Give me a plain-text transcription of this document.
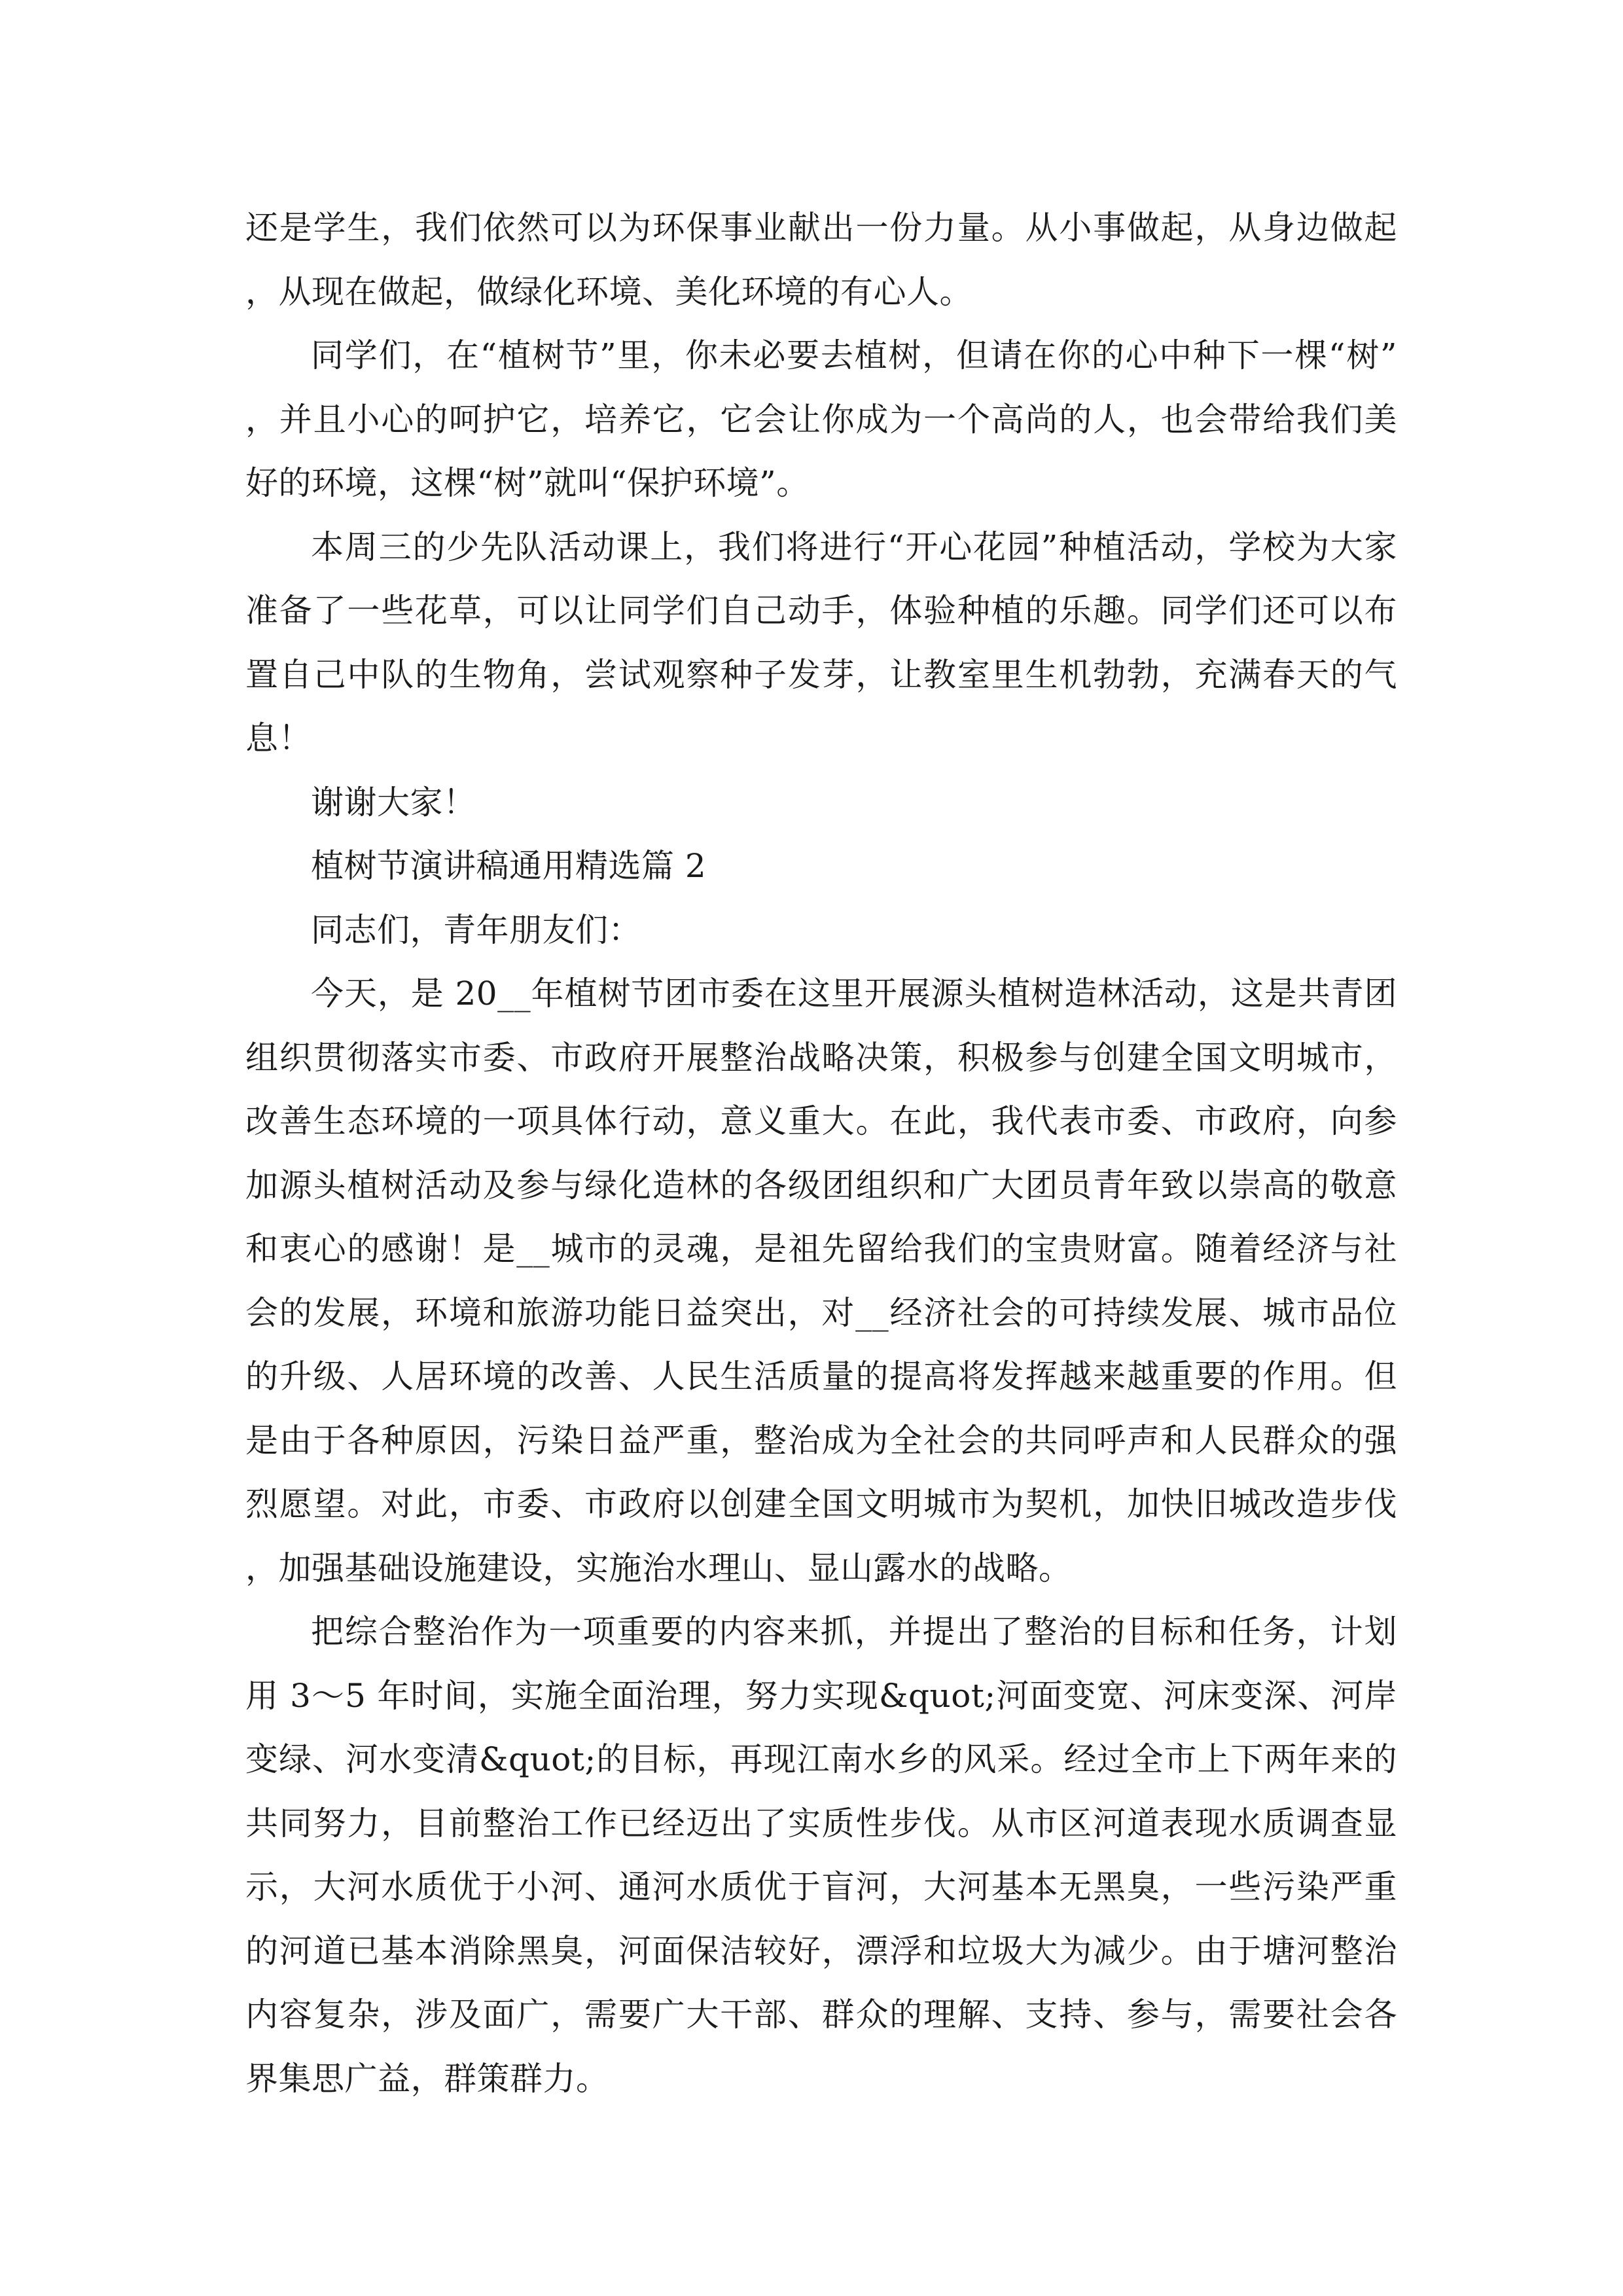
还是学生，我们依然可以为环保事业献出一份力量。从小事做起，从身边做起，从现在做起，做绿化环境、美化环境的有心人。

同学们，在“植树节”里，你未必要去植树，但请在你的心中种下一棵“树”，并且小心的呵护它，培养它，它会让你成为一个高尚的人，也会带给我们美好的环境，这棵“树”就叫“保护环境”。

本周三的少先队活动课上，我们将进行“开心花园”种植活动，学校为大家准备了一些花草，可以让同学们自己动手，体验种植的乐趣。同学们还可以布置自己中队的生物角，尝试观察种子发芽，让教室里生机勃勃，充满春天的气息！

谢谢大家！

植树节演讲稿通用精选篇 2

同志们，青年朋友们：

今天，是 20__年植树节团市委在这里开展源头植树造林活动，这是共青团组织贯彻落实市委、市政府开展整治战略决策，积极参与创建全国文明城市，改善生态环境的一项具体行动，意义重大。在此，我代表市委、市政府，向参加源头植树活动及参与绿化造林的各级团组织和广大团员青年致以崇高的敬意和衷心的感谢！是__城市的灵魂，是祖先留给我们的宝贵财富。随着经济与社会的发展，环境和旅游功能日益突出，对__经济社会的可持续发展、城市品位的升级、人居环境的改善、人民生活质量的提高将发挥越来越重要的作用。但是由于各种原因，污染日益严重，整治成为全社会的共同呼声和人民群众的强烈愿望。对此，市委、市政府以创建全国文明城市为契机，加快旧城改造步伐，加强基础设施建设，实施治水理山、显山露水的战略。

把综合整治作为一项重要的内容来抓，并提出了整治的目标和任务，计划用 3～5 年时间，实施全面治理，努力实现&quot;河面变宽、河床变深、河岸变绿、河水变清&quot;的目标，再现江南水乡的风采。经过全市上下两年来的共同努力，目前整治工作已经迈出了实质性步伐。从市区河道表现水质调查显示，大河水质优于小河、通河水质优于盲河，大河基本无黑臭，一些污染严重的河道已基本消除黑臭，河面保洁较好，漂浮和垃圾大为减少。由于塘河整治内容复杂，涉及面广，需要广大干部、群众的理解、支持、参与，需要社会各界集思广益，群策群力。
